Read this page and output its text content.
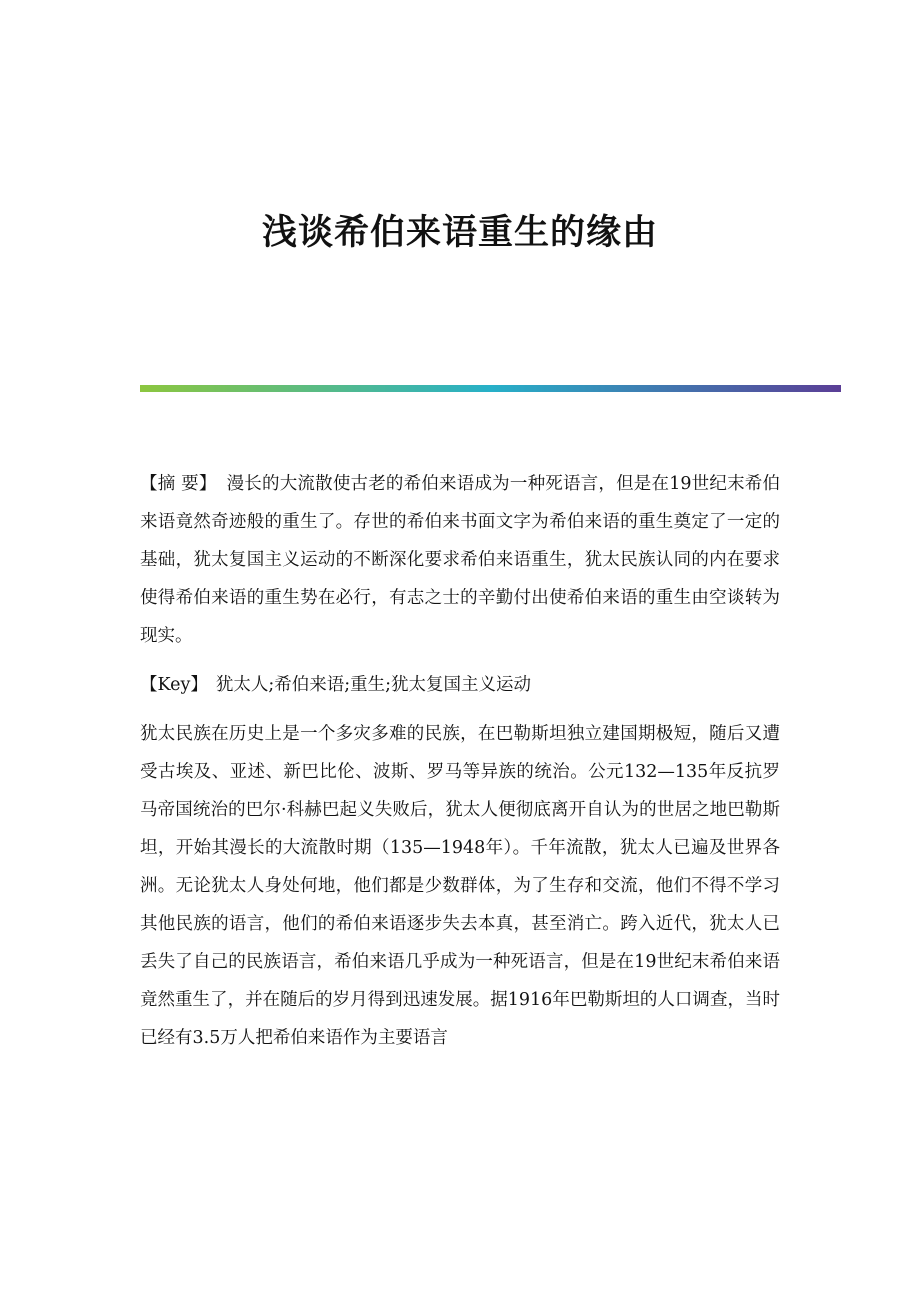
浅谈希伯来语重生的缘由

【摘 要】 漫长的大流散使古老的希伯来语成为一种死语言，但是在19世纪末希伯来语竟然奇迹般的重生了。存世的希伯来书面文字为希伯来语的重生奠定了一定的基础，犹太复国主义运动的不断深化要求希伯来语重生，犹太民族认同的内在要求使得希伯来语的重生势在必行，有志之士的辛勤付出使希伯来语的重生由空谈转为现实。

【Key】 犹太人;希伯来语;重生;犹太复国主义运动

犹太民族在历史上是一个多灾多难的民族，在巴勒斯坦独立建国期极短，随后又遭受古埃及、亚述、新巴比伦、波斯、罗马等异族的统治。公元132—135年反抗罗马帝国统治的巴尔·科赫巴起义失败后，犹太人便彻底离开自认为的世居之地巴勒斯坦，开始其漫长的大流散时期（135—1948年）。千年流散，犹太人已遍及世界各洲。无论犹太人身处何地，他们都是少数群体，为了生存和交流，他们不得不学习其他民族的语言，他们的希伯来语逐步失去本真，甚至消亡。跨入近代，犹太人已丢失了自己的民族语言，希伯来语几乎成为一种死语言，但是在19世纪末希伯来语竟然重生了，并在随后的岁月得到迅速发展。据1916年巴勒斯坦的人口调查，当时已经有3.5万人把希伯来语作为主要语言
